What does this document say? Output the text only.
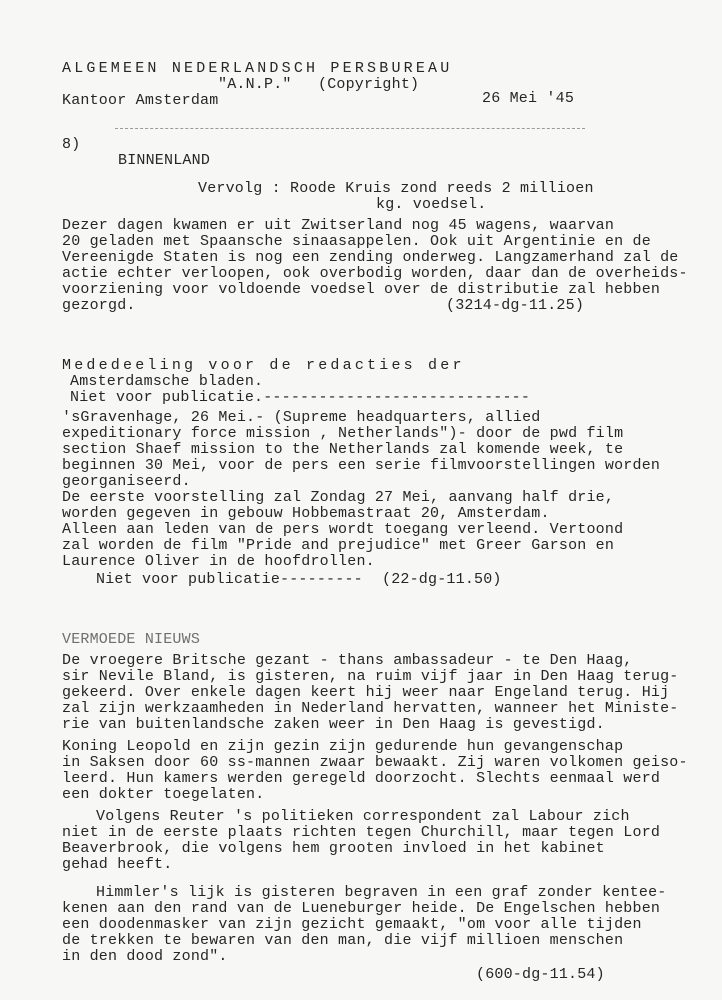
ALGEMEEN NEDERLANDSCH PERSBUREAU
"A.N.P." (Copyright)
Kantoor Amsterdam	26 Mei '45
8)
BINNENLAND
Vervolg : Roode Kruis zond reeds 2 millioen
kg. voedsel.
Dezer dagen kwamen er uit Zwitserland nog 45 wagens, waarvan
20 geladen met Spaansche sinaasappelen. Ook uit Argentinie en de
Vereenigde Staten is nog een zending onderweg. Langzamerhand zal de
actie echter verloopen, ook overbodig worden, daar dan de overheids-
voorziening voor voldoende voedsel over de distributie zal hebben
gezorgd.	(3214-dg-11.25)
Mededeeling voor de redacties der
Amsterdamsche bladen.
Niet voor publicatie.-----------------------------
'sGravenhage, 26 Mei.- (Supreme headquarters, allied
expeditionary force mission , Netherlands")- door de pwd film
section Shaef mission to the Netherlands zal komende week, te
beginnen 30 Mei, voor de pers een serie filmvoorstellingen worden
georganiseerd.
De eerste voorstelling zal Zondag 27 Mei, aanvang half drie,
worden gegeven in gebouw Hobbemastraat 20, Amsterdam.
Alleen aan leden van de pers wordt toegang verleend. Vertoond
zal worden de film "Pride and prejudice" met Greer Garson en
Laurence Oliver in de hoofdrollen.
Niet voor publicatie--------- (22-dg-11.50)
VERMOEDE NIEUWS
De vroegere Britsche gezant - thans ambassadeur - te Den Haag,
sir Nevile Bland, is gisteren, na ruim vijf jaar in Den Haag terug-
gekeerd. Over enkele dagen keert hij weer naar Engeland terug. Hij
zal zijn werkzaamheden in Nederland hervatten, wanneer het Ministe-
rie van buitenlandsche zaken weer in Den Haag is gevestigd.
Koning Leopold en zijn gezin zijn gedurende hun gevangenschap
in Saksen door 60 ss-mannen zwaar bewaakt. Zij waren volkomen geiso-
leerd. Hun kamers werden geregeld doorzocht. Slechts eenmaal werd
een dokter toegelaten.
Volgens Reuter 's politieken correspondent zal Labour zich
niet in de eerste plaats richten tegen Churchill, maar tegen Lord
Beaverbrook, die volgens hem grooten invloed in het kabinet
gehad heeft.
Himmler's lijk is gisteren begraven in een graf zonder kentee-
kenen aan den rand van de Lueneburger heide. De Engelschen hebben
een doodenmasker van zijn gezicht gemaakt, "om voor alle tijden
de trekken te bewaren van den man, die vijf millioen menschen
in den dood zond".
(600-dg-11.54)
